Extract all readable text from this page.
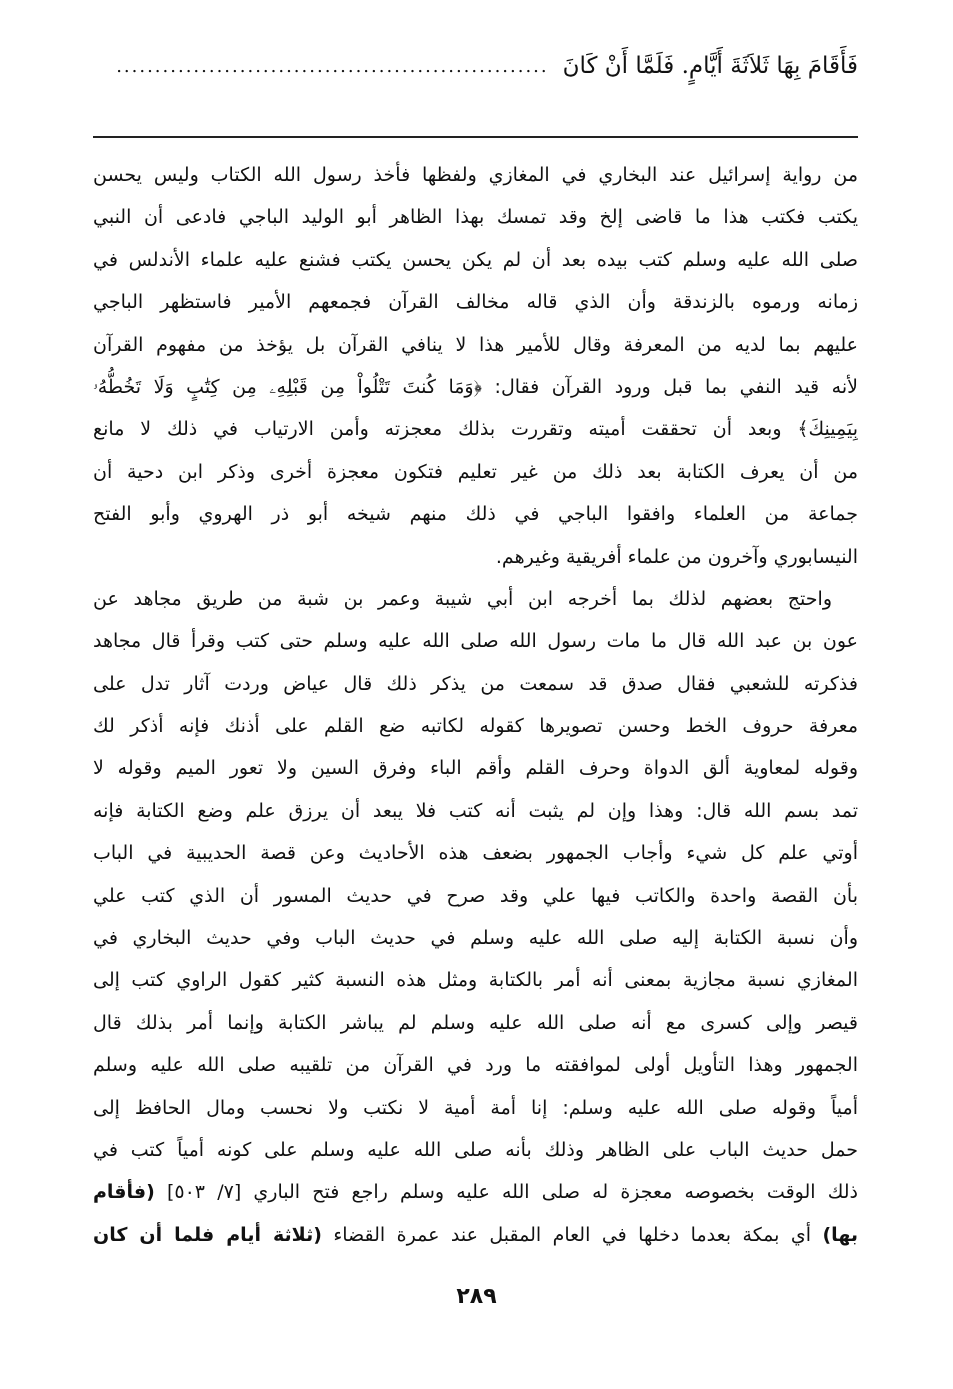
فَأَقَامَ بِهَا ثَلاَثَةَ أَيَّامٍ. فَلَمَّا أَنْ كَانَ
........................................................
من رواية إسرائيل عند البخاري في المغازي ولفظها فأخذ رسول الله الكتاب وليس يحسن
يكتب فكتب هذا ما قاضى إلخ وقد تمسك بهذا الظاهر أبو الوليد الباجي فادعى أن النبي
صلى الله عليه وسلم كتب بيده بعد أن لم يكن يحسن يكتب فشنع عليه علماء الأندلس في
زمانه ورموه بالزندقة وأن الذي قاله مخالف القرآن فجمعهم الأمير فاستظهر الباجي
عليهم بما لديه من المعرفة وقال للأمير هذا لا ينافي القرآن بل يؤخذ من مفهوم القرآن
لأنه قيد النفي بما قبل ورود القرآن فقال: ﴿وَمَا كُنتَ تَتْلُواْ مِن قَبْلِهِۦ مِن كِتَٰبٍ وَلَا تَخُطُّهُۥ
بِيَمِينِكَ﴾ وبعد أن تحققت أميته وتقررت بذلك معجزته وأمن الارتياب في ذلك لا مانع
من أن يعرف الكتابة بعد ذلك من غير تعليم فتكون معجزة أخرى وذكر ابن دحية أن
جماعة من العلماء وافقوا الباجي في ذلك منهم شيخه أبو ذر الهروي وأبو الفتح
النيسابوري وآخرون من علماء أفريقية وغيرهم.
واحتج بعضهم لذلك بما أخرجه ابن أبي شيبة وعمر بن شبة من طريق مجاهد عن
عون بن عبد الله قال ما مات رسول الله صلى الله عليه وسلم حتى كتب وقرأ قال مجاهد
فذكرته للشعبي فقال صدق قد سمعت من يذكر ذلك قال عياض وردت آثار تدل على
معرفة حروف الخط وحسن تصويرها كقوله لكاتبه ضع القلم على أذنك فإنه أذكر لك
وقوله لمعاوية ألق الدواة وحرف القلم وأقم الباء وفرق السين ولا تعور الميم وقوله لا
تمد بسم الله قال: وهذا وإن لم يثبت أنه كتب فلا يبعد أن يرزق علم وضع الكتابة فإنه
أوتي علم كل شيء وأجاب الجمهور بضعف هذه الأحاديث وعن قصة الحديبية في الباب
بأن القصة واحدة والكاتب فيها علي وقد صرح في حديث المسور أن الذي كتب علي
وأن نسبة الكتابة إليه صلى الله عليه وسلم في حديث الباب وفي حديث البخاري في
المغازي نسبة مجازية بمعنى أنه أمر بالكتابة ومثل هذه النسبة كثير كقول الراوي كتب إلى
قيصر وإلى كسرى مع أنه صلى الله عليه وسلم لم يباشر الكتابة وإنما أمر بذلك قال
الجمهور وهذا التأويل أولى لموافقته ما ورد في القرآن من تلقيبه صلى الله عليه وسلم
أمياً وقوله صلى الله عليه وسلم: إنا أمة أمية لا نكتب ولا نحسب ومال الحافظ إلى
حمل حديث الباب على الظاهر وذلك بأنه صلى الله عليه وسلم على كونه أمياً كتب في
ذلك الوقت بخصوصه معجزة له صلى الله عليه وسلم راجع فتح الباري [٧/ ٥٠٣] (فأقام
بها) أي بمكة بعدما دخلها في العام المقبل عند عمرة القضاء (ثلاثة أيام فلما أن كان
٢٨٩
